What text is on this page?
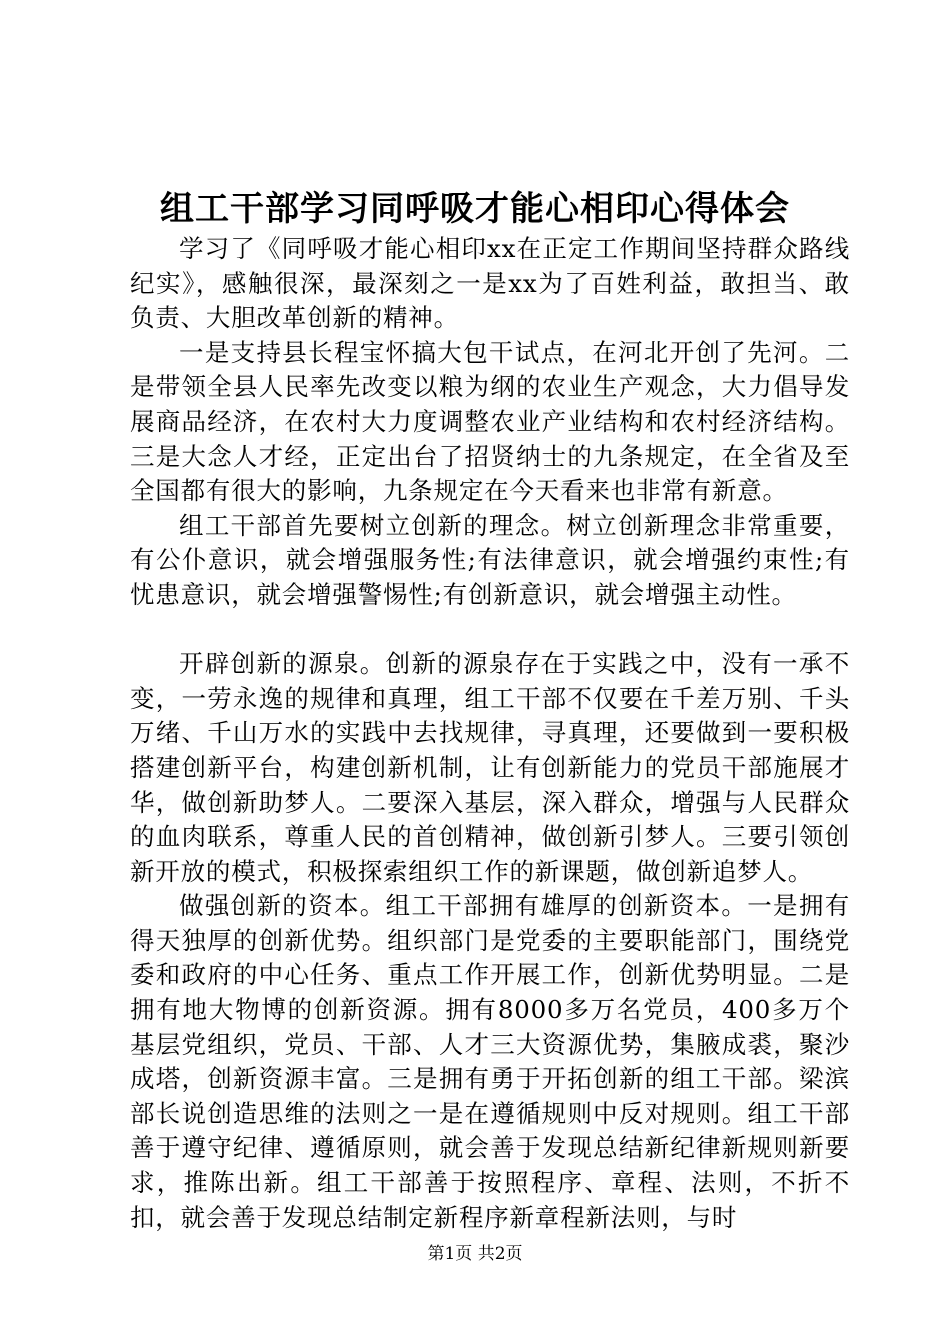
组工干部学习同呼吸才能心相印心得体会

学习了《同呼吸才能心相印xx在正定工作期间坚持群众路线纪实》，感触很深，最深刻之一是xx为了百姓利益，敢担当、敢负责、大胆改革创新的精神。

一是支持县长程宝怀搞大包干试点，在河北开创了先河。二是带领全县人民率先改变以粮为纲的农业生产观念，大力倡导发展商品经济，在农村大力度调整农业产业结构和农村经济结构。三是大念人才经，正定出台了招贤纳士的九条规定，在全省及至全国都有很大的影响，九条规定在今天看来也非常有新意。

组工干部首先要树立创新的理念。树立创新理念非常重要，有公仆意识，就会增强服务性;有法律意识，就会增强约束性;有忧患意识，就会增强警惕性;有创新意识，就会增强主动性。

开辟创新的源泉。创新的源泉存在于实践之中，没有一承不变，一劳永逸的规律和真理，组工干部不仅要在千差万别、千头万绪、千山万水的实践中去找规律，寻真理，还要做到一要积极搭建创新平台，构建创新机制，让有创新能力的党员干部施展才华，做创新助梦人。二要深入基层，深入群众，增强与人民群众的血肉联系，尊重人民的首创精神，做创新引梦人。三要引领创新开放的模式，积极探索组织工作的新课题，做创新追梦人。

做强创新的资本。组工干部拥有雄厚的创新资本。一是拥有得天独厚的创新优势。组织部门是党委的主要职能部门，围绕党委和政府的中心任务、重点工作开展工作，创新优势明显。二是拥有地大物博的创新资源。拥有8000多万名党员，400多万个基层党组织，党员、干部、人才三大资源优势，集腋成裘，聚沙成塔，创新资源丰富。三是拥有勇于开拓创新的组工干部。梁滨部长说创造思维的法则之一是在遵循规则中反对规则。组工干部善于遵守纪律、遵循原则，就会善于发现总结新纪律新规则新要求，推陈出新。组工干部善于按照程序、章程、法则，不折不扣，就会善于发现总结制定新程序新章程新法则，与时

第1页 共2页
